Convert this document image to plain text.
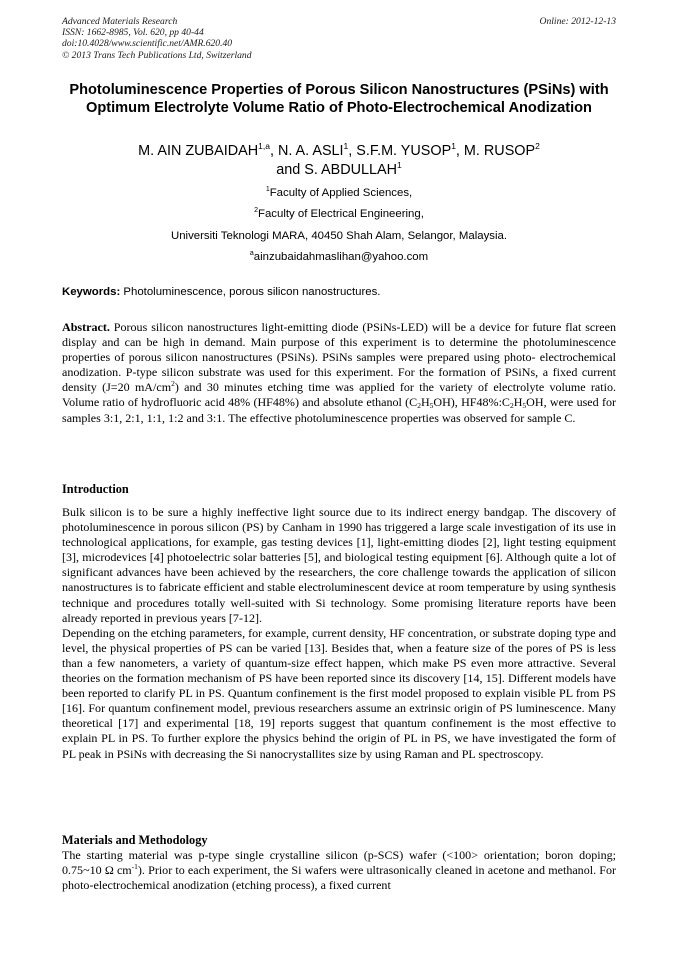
Advanced Materials Research
ISSN: 1662-8985, Vol. 620, pp 40-44
doi:10.4028/www.scientific.net/AMR.620.40
© 2013 Trans Tech Publications Ltd, Switzerland
Online: 2012-12-13
Photoluminescence Properties of Porous Silicon Nanostructures (PSiNs) with Optimum Electrolyte Volume Ratio of Photo-Electrochemical Anodization
M. AIN ZUBAIDAH$^{1,a}$, N. A. ASLI$^1$, S.F.M. YUSOP$^1$, M. RUSOP$^2$
and S. ABDULLAH$^1$
$^1$Faculty of Applied Sciences,
$^2$Faculty of Electrical Engineering,
Universiti Teknologi MARA, 40450 Shah Alam, Selangor, Malaysia.
$^a$ainzubaidahmaslihan@yahoo.com
Keywords: Photoluminescence, porous silicon nanostructures.
Abstract. Porous silicon nanostructures light-emitting diode (PSiNs-LED) will be a device for future flat screen display and can be high in demand. Main purpose of this experiment is to determine the photoluminescence properties of porous silicon nanostructures (PSiNs). PSiNs samples were prepared using photo- electrochemical anodization. P-type silicon substrate was used for this experiment. For the formation of PSiNs, a fixed current density (J=20 $mA/cm^2$) and 30 minutes etching time was applied for the variety of electrolyte volume ratio. Volume ratio of hydrofluoric acid 48% (HF48%) and absolute ethanol $(C_2H_5OH)$, $HF48\%:C_2H_5OH$, were used for samples 3:1, 2:1, 1:1, 1:2 and 3:1. The effective photoluminescence properties was observed for sample C.
Introduction

Bulk silicon is to be sure a highly ineffective light source due to its indirect energy bandgap. The discovery of photoluminescence in porous silicon (PS) by Canham in 1990 has triggered a large scale investigation of its use in technological applications, for example, gas testing devices [1], light-emitting diodes [2], light testing equipment [3], microdevices [4] photoelectric solar batteries [5], and biological testing equipment [6]. Although quite a lot of significant advances have been achieved by the researchers, the core challenge towards the application of silicon nanostructures is to fabricate efficient and stable electroluminescent device at room temperature by using synthesis technique and procedures totally well-suited with Si technology. Some promising literature reports have been already reported in previous years [7-12].

Depending on the etching parameters, for example, current density, HF concentration, or substrate doping type and level, the physical properties of PS can be varied [13]. Besides that, when a feature size of the pores of PS is less than a few nanometers, a variety of quantum-size effect happen, which make PS even more attractive. Several theories on the formation mechanism of PS have been reported since its discovery [14, 15]. Different models have been reported to clarify PL in PS. Quantum confinement is the first model proposed to explain visible PL from PS [16]. For quantum confinement model, previous researchers assume an extrinsic origin of PS luminescence. Many theoretical [17] and experimental [18, 19] reports suggest that quantum confinement is the most effective to explain PL in PS. To further explore the physics behind the origin of PL in PS, we have investigated the form of PL peak in PSiNs with decreasing the Si nanocrystallites size by using Raman and PL spectroscopy.

Materials and Methodology
The starting material was p-type single crystalline silicon (p-SCS) wafer (<100> orientation; boron doping; 0.75~10 Ω $cm^{-1}$). Prior to each experiment, the Si wafers were ultrasonically cleaned in acetone and methanol. For photo-electrochemical anodization (etching process), a fixed current
